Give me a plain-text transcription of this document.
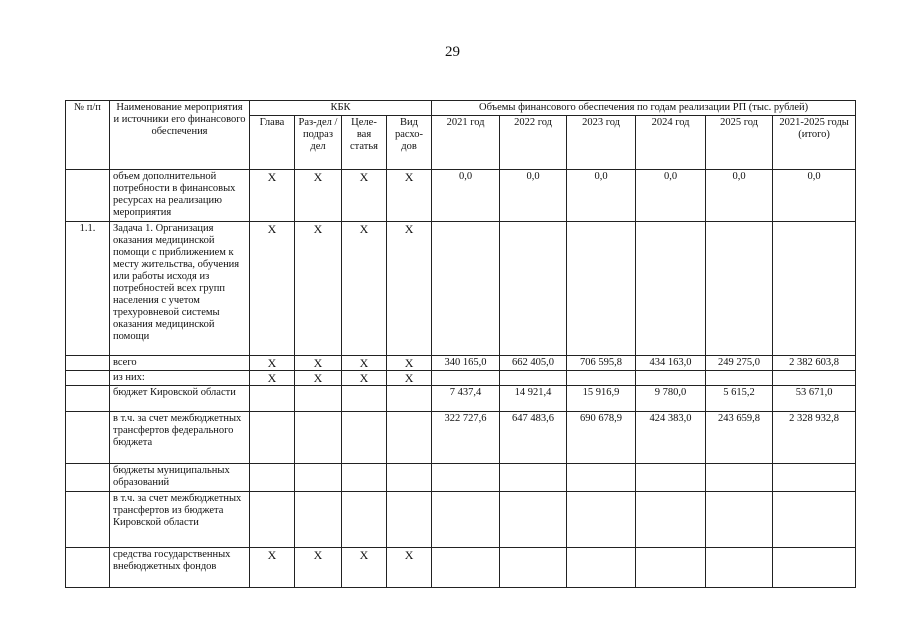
29
№ п/п	Наименование мероприятия и источники его финансового обеспечения	КБК				Объемы финансового обеспечения по годам реализации РП (тыс. рублей)					
		Глава	Раз-дел / подраз дел	Целе-вая статья	Вид расхо-дов	2021 год	2022 год	2023 год	2024 год	2025 год	2021-2025 годы (итого)
	объем дополнительной потребности в финансовых ресурсах на реализацию мероприятия	X	X	X	X	0,0	0,0	0,0	0,0	0,0	0,0
1.1.	Задача 1. Организация оказания медицинской помощи с приближением к месту жительства, обучения или работы исходя из потребностей всех групп населения с учетом трехуровневой системы оказания медицинской помощи	X	X	X	X						
	всего	X	X	X	X	340 165,0	662 405,0	706 595,8	434 163,0	249 275,0	2 382 603,8
	из них:	X	X	X	X						
	бюджет Кировской области					7 437,4	14 921,4	15 916,9	9 780,0	5 615,2	53 671,0
	в т.ч. за счет межбюджетных трансфертов федерального бюджета					322 727,6	647 483,6	690 678,9	424 383,0	243 659,8	2 328 932,8
	бюджеты муниципальных образований										
	в т.ч. за счет межбюджетных трансфертов из бюджета Кировской области										
	средства государственных внебюджетных фондов	X	X	X	X						
